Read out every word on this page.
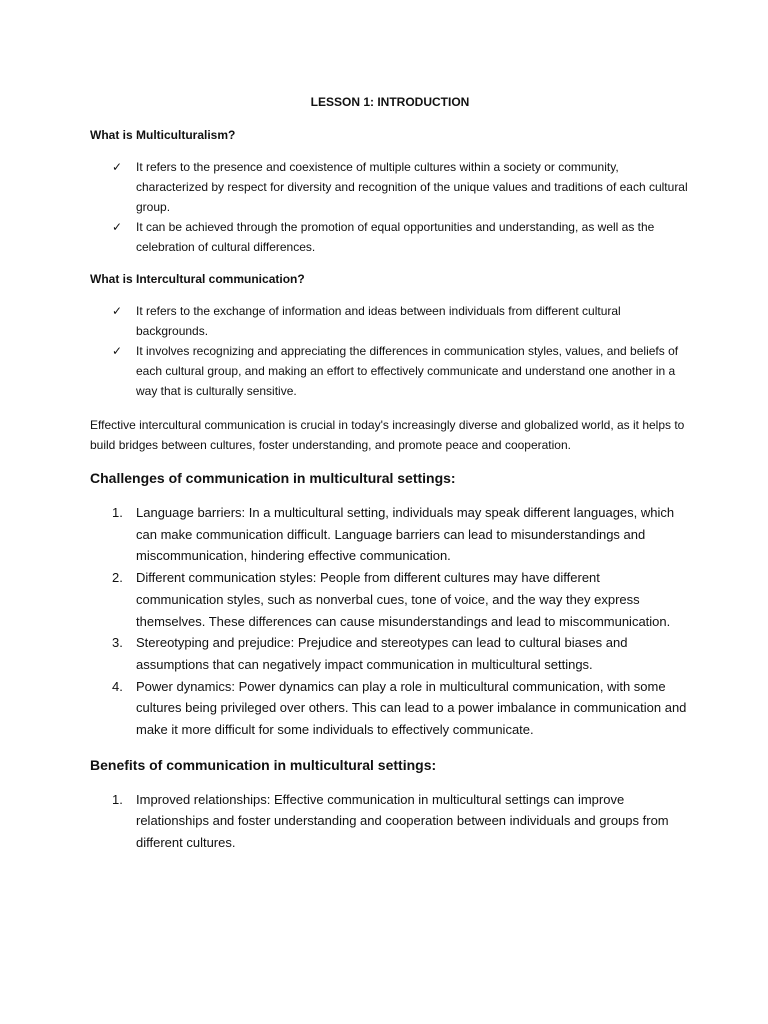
LESSON 1: INTRODUCTION
What is Multiculturalism?
✓ It refers to the presence and coexistence of multiple cultures within a society or community, characterized by respect for diversity and recognition of the unique values and traditions of each cultural group.
✓ It can be achieved through the promotion of equal opportunities and understanding, as well as the celebration of cultural differences.
What is Intercultural communication?
✓ It refers to the exchange of information and ideas between individuals from different cultural backgrounds.
✓ It involves recognizing and appreciating the differences in communication styles, values, and beliefs of each cultural group, and making an effort to effectively communicate and understand one another in a way that is culturally sensitive.

Effective intercultural communication is crucial in today's increasingly diverse and globalized world, as it helps to build bridges between cultures, foster understanding, and promote peace and cooperation.

Challenges of communication in multicultural settings:
1. Language barriers: In a multicultural setting, individuals may speak different languages, which can make communication difficult. Language barriers can lead to misunderstandings and miscommunication, hindering effective communication.
2. Different communication styles: People from different cultures may have different communication styles, such as nonverbal cues, tone of voice, and the way they express themselves. These differences can cause misunderstandings and lead to miscommunication.
3. Stereotyping and prejudice: Prejudice and stereotypes can lead to cultural biases and assumptions that can negatively impact communication in multicultural settings.
4. Power dynamics: Power dynamics can play a role in multicultural communication, with some cultures being privileged over others. This can lead to a power imbalance in communication and make it more difficult for some individuals to effectively communicate.
Benefits of communication in multicultural settings:
1. Improved relationships: Effective communication in multicultural settings can improve relationships and foster understanding and cooperation between individuals and groups from different cultures.
